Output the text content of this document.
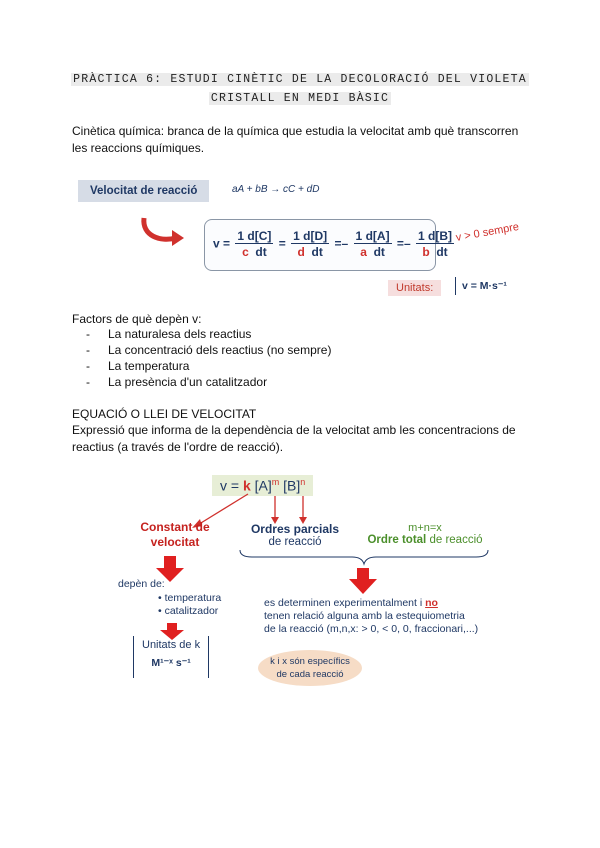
PRÀCTICA 6: ESTUDI CINÈTIC DE LA DECOLORACIÓ DEL VIOLETA
CRISTALL EN MEDI BÀSIC
Cinètica química: branca de la química que estudia la velocitat amb què transcorren les reaccions químiques.
Velocitat de reacció	aA + bB → cC + dD
$v = \frac{1 d[C]}{\text{c dt}} = \frac{1 d[D]}{\text{d dt}} =- \frac{1 d[A]}{\text{a dt}} =- \frac{1 d[B]}{\text{b dt}}$ v > 0 sempre
Unitats:	v = M·s⁻¹
Factors de què depèn v:
- La naturalesa dels reactius
- La concentració dels reactius (no sempre)
- La temperatura
- La presència d'un catalitzador
EQUACIÓ O LLEI DE VELOCITAT
Expressió que informa de la dependència de la velocitat amb les concentracions de reactius (a través de l'ordre de reacció).
v = k $[A]^m$ $[B]^n$
Constant de velocitat
Ordres parcials
de reacció
m+n=x
Ordre total de reacció
depèn de:
• temperatura
• catalitzador
Unitats de k
M¹⁻ˣ s⁻¹
es determinen experimentalment i no
tenen relació alguna amb la estequiometria
de la reacció (m,n,x: > 0, < 0, 0, fraccionari,...)
k i x són específics
de cada reacció
